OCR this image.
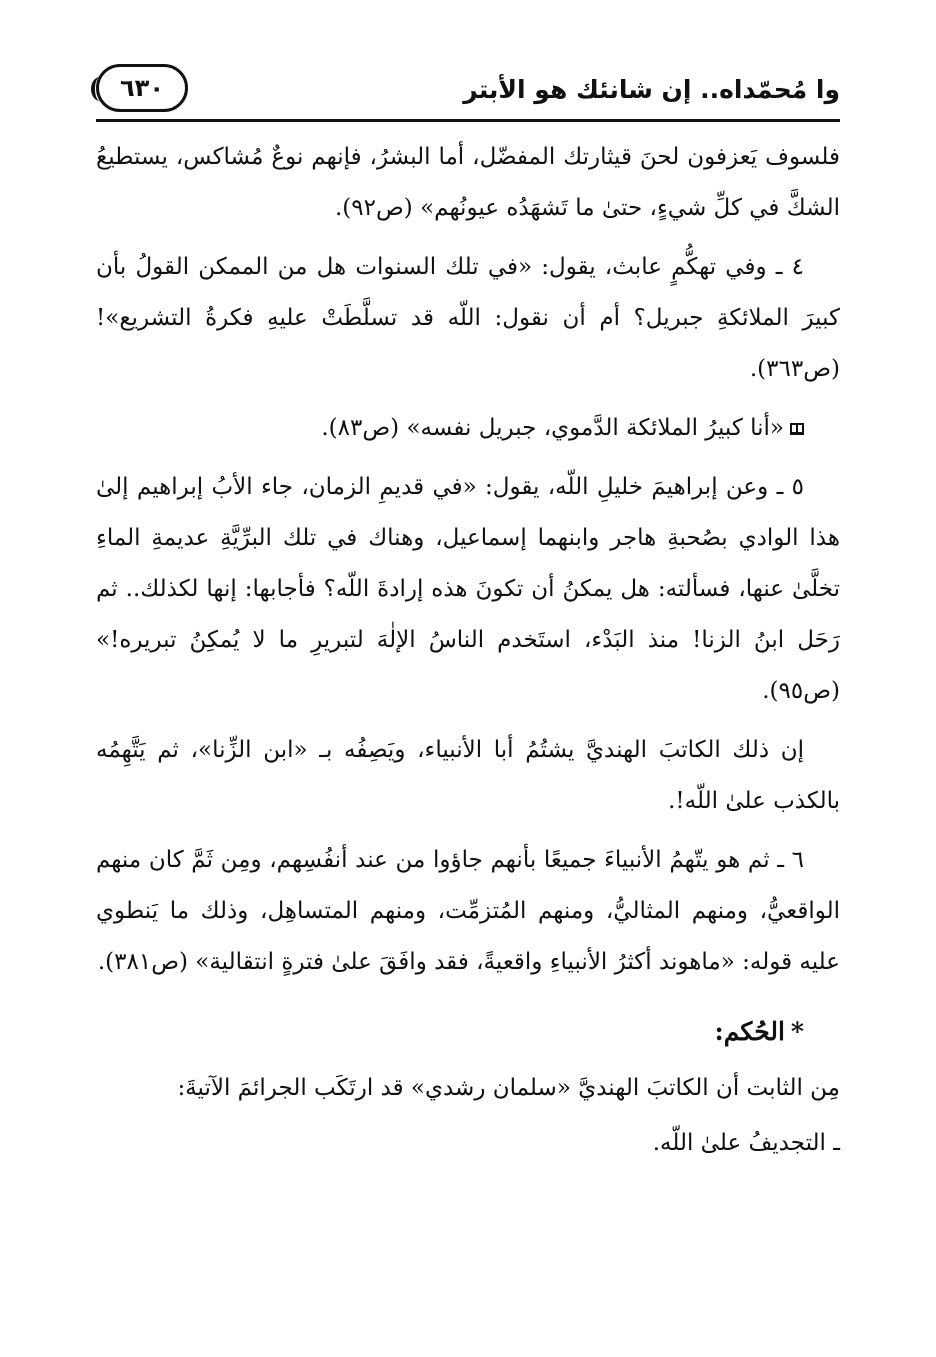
وا مُحمّداه.. إن شانئك هو الأبتر
٦٣٠

فلسوف يَعزفون لحنَ قيثارتك المفضّل، أما البشرُ، فإنهم نوعٌ مُشاكس، يستطيعُ الشكَّ في كلِّ شيءٍ، حتىٰ ما تَشهَدُه عيونُهم» (ص٩٢).

٤ ـ وفي تهكُّمٍ عابث، يقول: «في تلك السنوات هل من الممكن القولُ بأن كبيرَ الملائكةِ جبريل؟ أم أن نقول: اللّه قد تسلَّطَتْ عليهِ فكرةُ التشريع»! (ص٣٦٣).

«أنا كبيرُ الملائكة الدَّموي، جبريل نفسه» (ص٨٣).

٥ ـ وعن إبراهيمَ خليلِ اللّه، يقول: «في قديمِ الزمان، جاء الأبُ إبراهيم إلىٰ هذا الوادي بصُحبةِ هاجر وابنهما إسماعيل، وهناك في تلك البرِّيَّةِ عديمةِ الماءِ تخلَّىٰ عنها، فسألته: هل يمكنُ أن تكونَ هذه إرادةَ اللّه؟ فأجابها: إنها لكذلك.. ثم رَحَل ابنُ الزنا! منذ البَدْء، استَخدم الناسُ الإلٰهَ لتبريرِ ما لا يُمكِنُ تبريره!» (ص٩٥).

إن ذلك الكاتبَ الهنديَّ يشتُمُ أبا الأنبياء، ويَصِفُه بـ «ابن الزِّنا»، ثم يَتَّهِمُه بالكذب علىٰ اللّه!.

٦ ـ ثم هو يتّهمُ الأنبياءَ جميعًا بأنهم جاؤوا من عند أنفُسِهم، ومِن ثَمَّ كان منهم الواقعيُّ، ومنهم المثاليُّ، ومنهم المُتزمِّت، ومنهم المتساهِل، وذلك ما يَنطوي عليه قوله: «ماهوند أكثرُ الأنبياءِ واقعيةً، فقد وافَقَ علىٰ فترةٍ انتقالية» (ص٣٨١).

*الحُكم:

مِن الثابت أن الكاتبَ الهنديَّ «سلمان رشدي» قد ارتَكَب الجرائمَ الآتيةَ:

ـ التجديفُ علىٰ اللّه.
